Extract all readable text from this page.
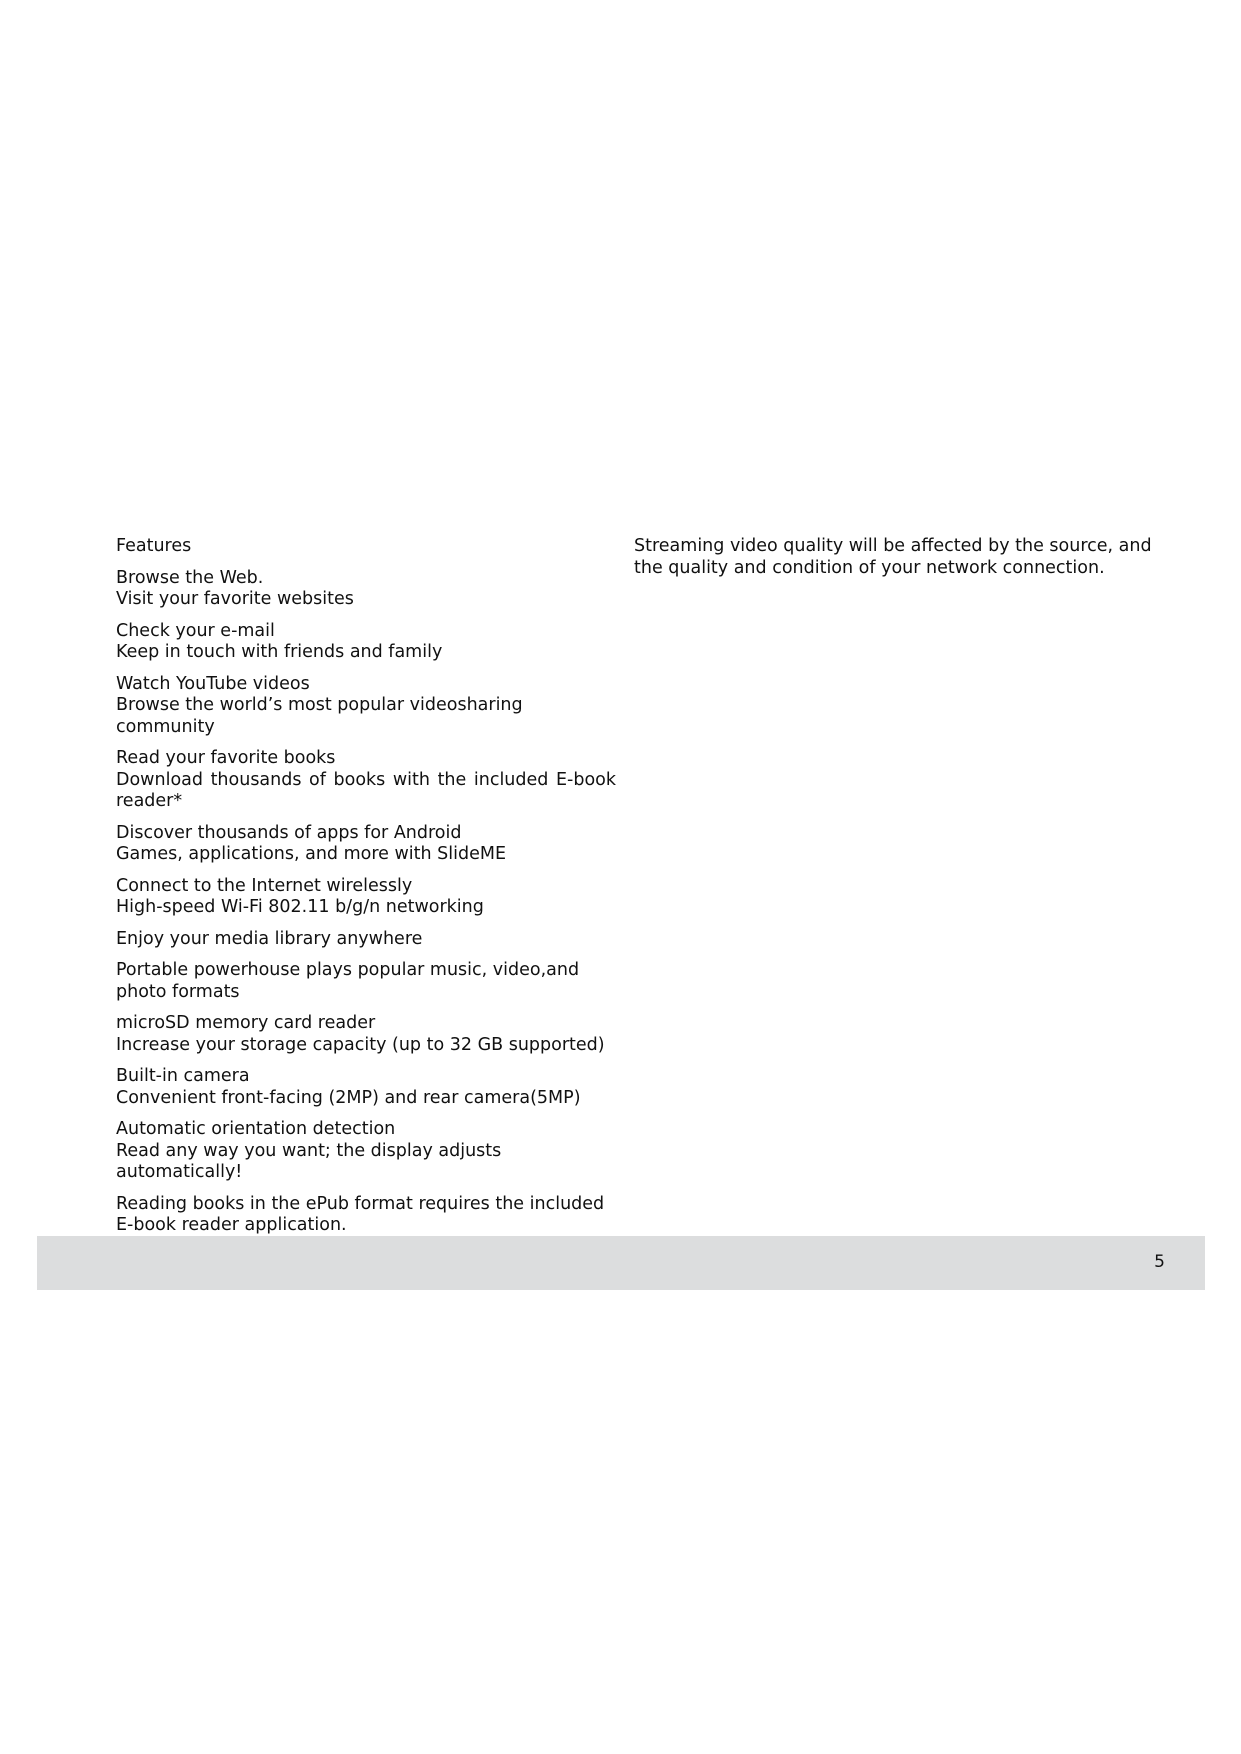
Features
Browse the Web.
Visit your favorite websites
Check your e-mail
Keep in touch with friends and family
Watch YouTube videos
Browse the world’s most popular videosharing community
Read your favorite books
Download thousands of books with the included E-book reader*
Discover thousands of apps for Android
Games, applications, and more with SlideME
Connect to the Internet wirelessly
High-speed Wi-Fi 802.11 b/g/n networking
Enjoy your media library anywhere
Portable powerhouse plays popular music, video,and photo formats
microSD memory card reader
Increase your storage capacity (up to 32 GB supported)
Built-in camera
Convenient front-facing (2MP) and rear camera(5MP)
Automatic orientation detection
Read any way you want; the display adjusts automatically!
Reading books in the ePub format requires the included E-book reader application.
Streaming video quality will be affected by the source, and the quality and condition of your network connection.
5
